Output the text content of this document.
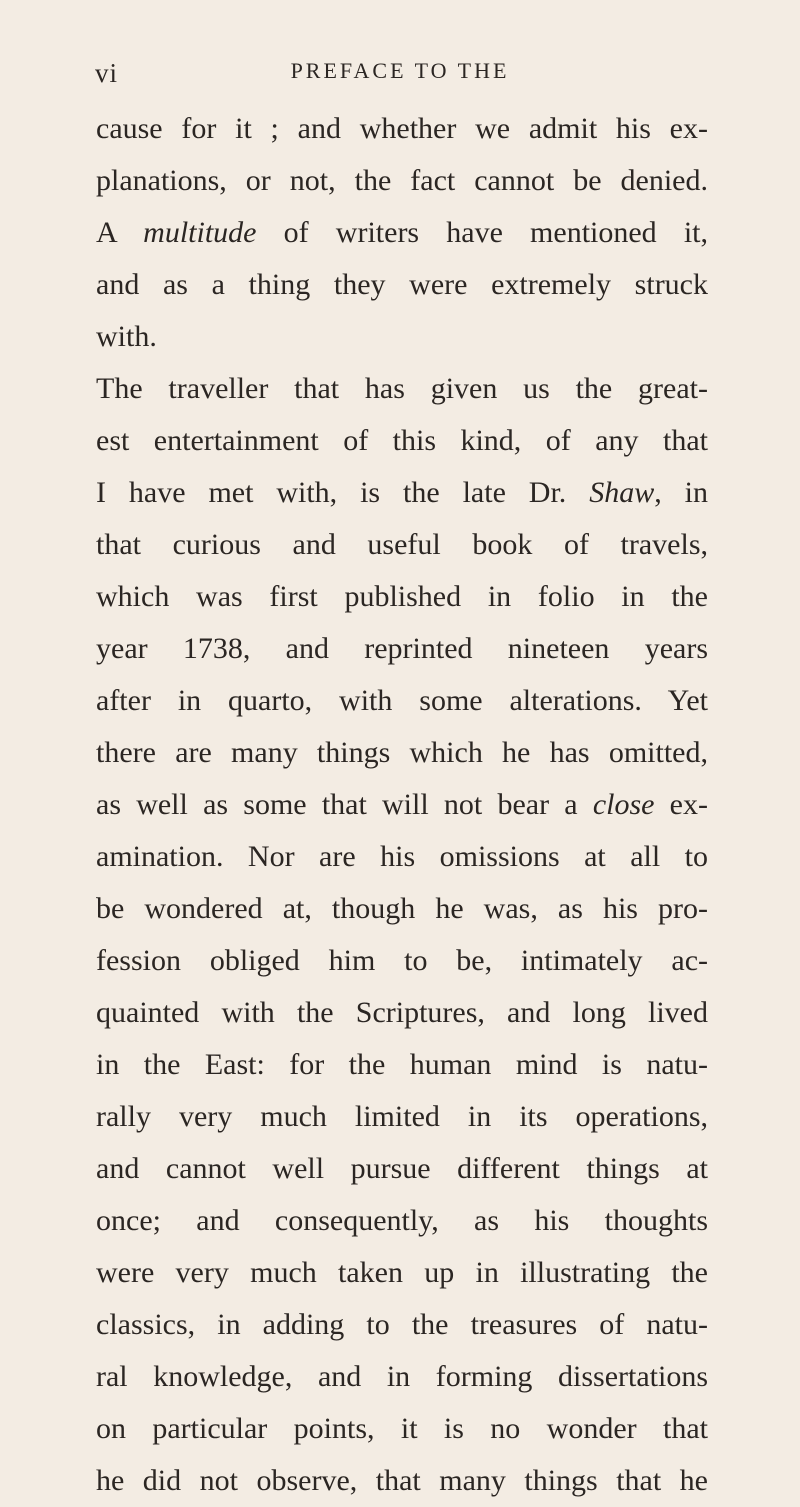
vi	PREFACE TO THE
cause for it ; and whether we admit his ex-
planations, or not, the fact cannot be denied.
A multitude of writers have mentioned it,
and as a thing they were extremely struck
with.
The traveller that has given us the great-
est entertainment of this kind, of any that
I have met with, is the late Dr. Shaw, in
that curious and useful book of travels,
which was first published in folio in the
year 1738, and reprinted nineteen years
after in quarto, with some alterations. Yet
there are many things which he has omitted,
as well as some that will not bear a close ex-
amination. Nor are his omissions at all to
be wondered at, though he was, as his pro-
fession obliged him to be, intimately ac-
quainted with the Scriptures, and long lived
in the East: for the human mind is natu-
rally very much limited in its operations,
and cannot well pursue different things at
once; and consequently, as his thoughts
were very much taken up in illustrating the
classics, in adding to the treasures of natu-
ral knowledge, and in forming dissertations
on particular points, it is no wonder that
he did not observe, that many things that he
